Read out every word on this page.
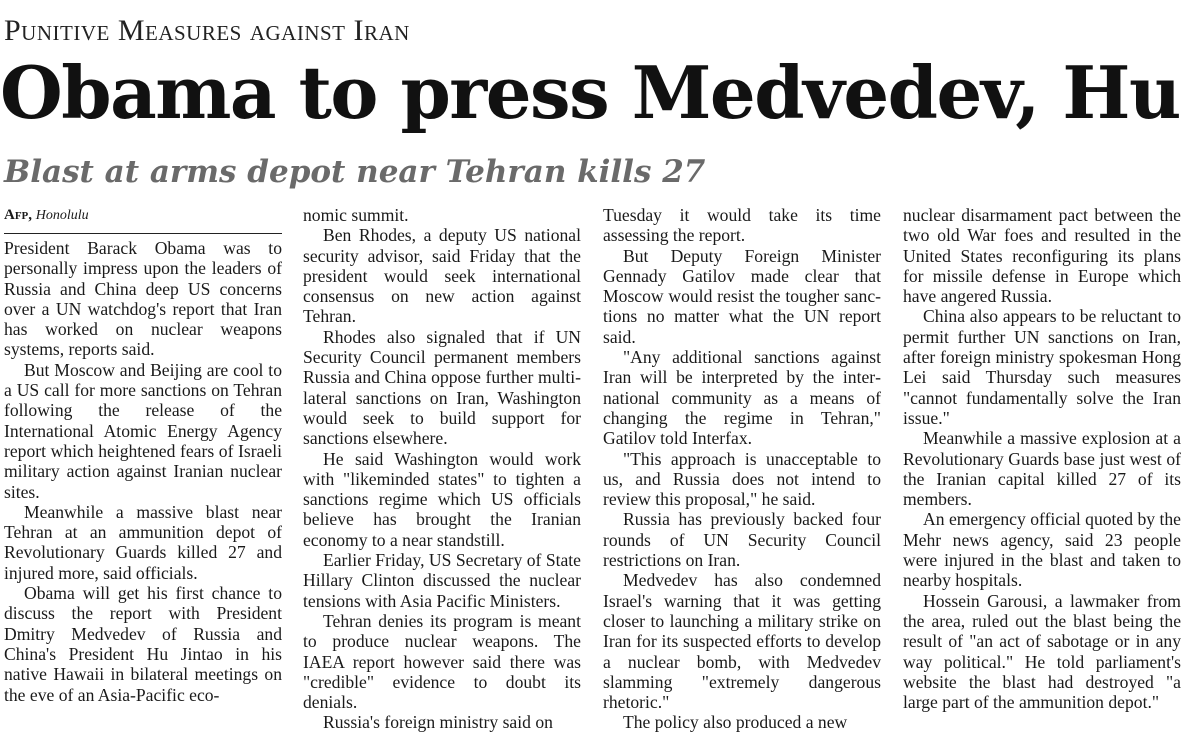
Punitive Measures against Iran
Obama to press Medvedev, Hu
Blast at arms depot near Tehran kills 27
Afp, Honolulu

President Barack Obama was to personally impress upon the leaders of Russia and China deep US concerns over a UN watchdog's report that Iran has worked on nuclear weapons systems, reports said.

But Moscow and Beijing are cool to a US call for more sanctions on Tehran following the release of the International Atomic Energy Agency report which heightened fears of Israeli military action against Iranian nuclear sites.

Meanwhile a massive blast near Tehran at an ammunition depot of Revolutionary Guards killed 27 and injured more, said officials.

Obama will get his first chance to discuss the report with President Dmitry Medvedev of Russia and China's President Hu Jintao in his native Hawaii in bilateral meetings on the eve of an Asia-Pacific eco-

nomic summit.

Ben Rhodes, a deputy US national security advisor, said Friday that the president would seek international consensus on new action against Tehran.

Rhodes also signaled that if UN Security Council permanent members Russia and China oppose further multi-lateral sanctions on Iran, Washington would seek to build support for sanctions elsewhere.

He said Washington would work with "likeminded states" to tighten a sanctions regime which US officials believe has brought the Iranian economy to a near standstill.

Earlier Friday, US Secretary of State Hillary Clinton discussed the nuclear tensions with Asia Pacific Ministers.

Tehran denies its program is meant to produce nuclear weapons. The IAEA report however said there was "credible" evidence to doubt its denials.

Russia's foreign ministry said on

Tuesday it would take its time assessing the report.

But Deputy Foreign Minister Gennady Gatilov made clear that Moscow would resist the tougher sanctions no matter what the UN report said.

"Any additional sanctions against Iran will be interpreted by the international community as a means of changing the regime in Tehran," Gatilov told Interfax.

"This approach is unacceptable to us, and Russia does not intend to review this proposal," he said.

Russia has previously backed four rounds of UN Security Council restrictions on Iran.

Medvedev has also condemned Israel's warning that it was getting closer to launching a military strike on Iran for its suspected efforts to develop a nuclear bomb, with Medvedev slamming "extremely dangerous rhetoric."

The policy also produced a new

nuclear disarmament pact between the two old War foes and resulted in the United States reconfiguring its plans for missile defense in Europe which have angered Russia.

China also appears to be reluctant to permit further UN sanctions on Iran, after foreign ministry spokesman Hong Lei said Thursday such measures "cannot fundamentally solve the Iran issue."

Meanwhile a massive explosion at a Revolutionary Guards base just west of the Iranian capital killed 27 of its members.

An emergency official quoted by the Mehr news agency, said 23 people were injured in the blast and taken to nearby hospitals.

Hossein Garousi, a lawmaker from the area, ruled out the blast being the result of "an act of sabotage or in any way political." He told parliament's website the blast had destroyed "a large part of the ammunition depot."
